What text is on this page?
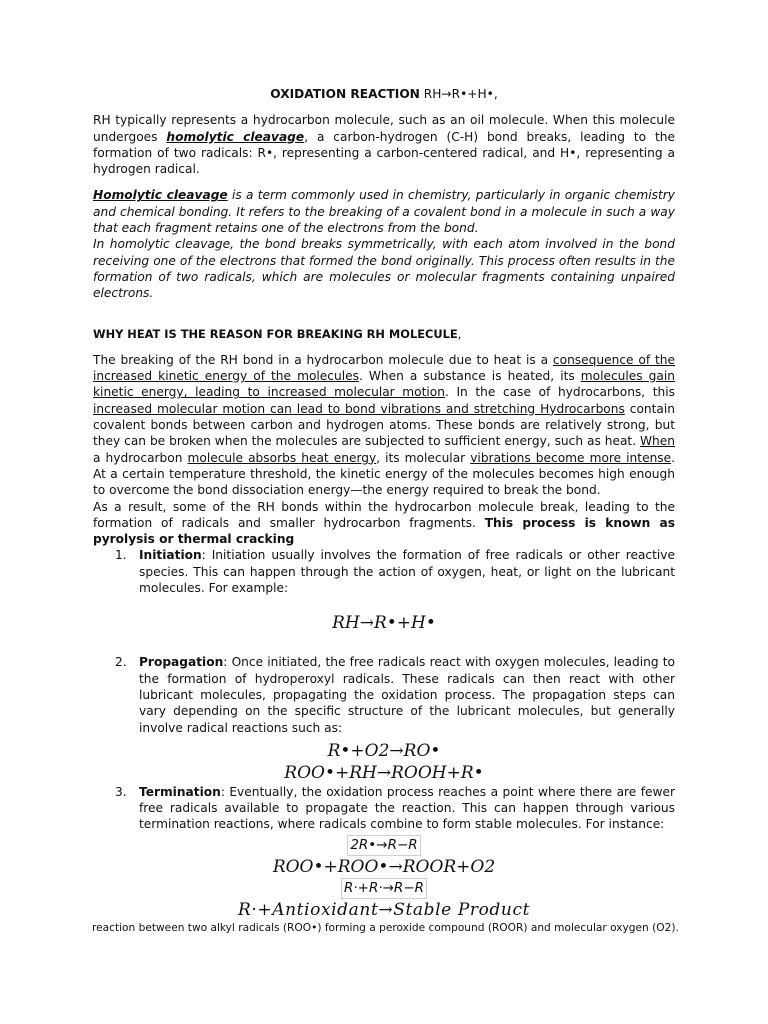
OXIDATION REACTION RH→R•+H•,

RH typically represents a hydrocarbon molecule, such as an oil molecule. When this molecule undergoes homolytic cleavage, a carbon-hydrogen (C-H) bond breaks, leading to the formation of two radicals: R•, representing a carbon-centered radical, and H•, representing a hydrogen radical.

Homolytic cleavage is a term commonly used in chemistry, particularly in organic chemistry and chemical bonding. It refers to the breaking of a covalent bond in a molecule in such a way that each fragment retains one of the electrons from the bond.

In homolytic cleavage, the bond breaks symmetrically, with each atom involved in the bond receiving one of the electrons that formed the bond originally. This process often results in the formation of two radicals, which are molecules or molecular fragments containing unpaired electrons.

WHY HEAT IS THE REASON FOR BREAKING RH MOLECULE,

The breaking of the RH bond in a hydrocarbon molecule due to heat is a consequence of the increased kinetic energy of the molecules. When a substance is heated, its molecules gain kinetic energy, leading to increased molecular motion. In the case of hydrocarbons, this increased molecular motion can lead to bond vibrations and stretching Hydrocarbons contain covalent bonds between carbon and hydrogen atoms. These bonds are relatively strong, but they can be broken when the molecules are subjected to sufficient energy, such as heat. When a hydrocarbon molecule absorbs heat energy, its molecular vibrations become more intense. At a certain temperature threshold, the kinetic energy of the molecules becomes high enough to overcome the bond dissociation energy—the energy required to break the bond.

As a result, some of the RH bonds within the hydrocarbon molecule break, leading to the formation of radicals and smaller hydrocarbon fragments. This process is known as pyrolysis or thermal cracking

1. Initiation: Initiation usually involves the formation of free radicals or other reactive species. This can happen through the action of oxygen, heat, or light on the lubricant molecules. For example:
RH→R•+H•
2. Propagation: Once initiated, the free radicals react with oxygen molecules, leading to the formation of hydroperoxyl radicals. These radicals can then react with other lubricant molecules, propagating the oxidation process. The propagation steps can vary depending on the specific structure of the lubricant molecules, but generally involve radical reactions such as:
R•+O2→RO•
ROO•+RH→ROOH+R•
3. Termination: Eventually, the oxidation process reaches a point where there are fewer free radicals available to propagate the reaction. This can happen through various termination reactions, where radicals combine to form stable molecules. For instance:
2R•→R−R
ROO•+ROO•→ROOR+O2
R·+R·→R−R
R·+Antioxidant→Stable Product
reaction between two alkyl radicals (ROO•) forming a peroxide compound (ROOR) and molecular oxygen (O2).
